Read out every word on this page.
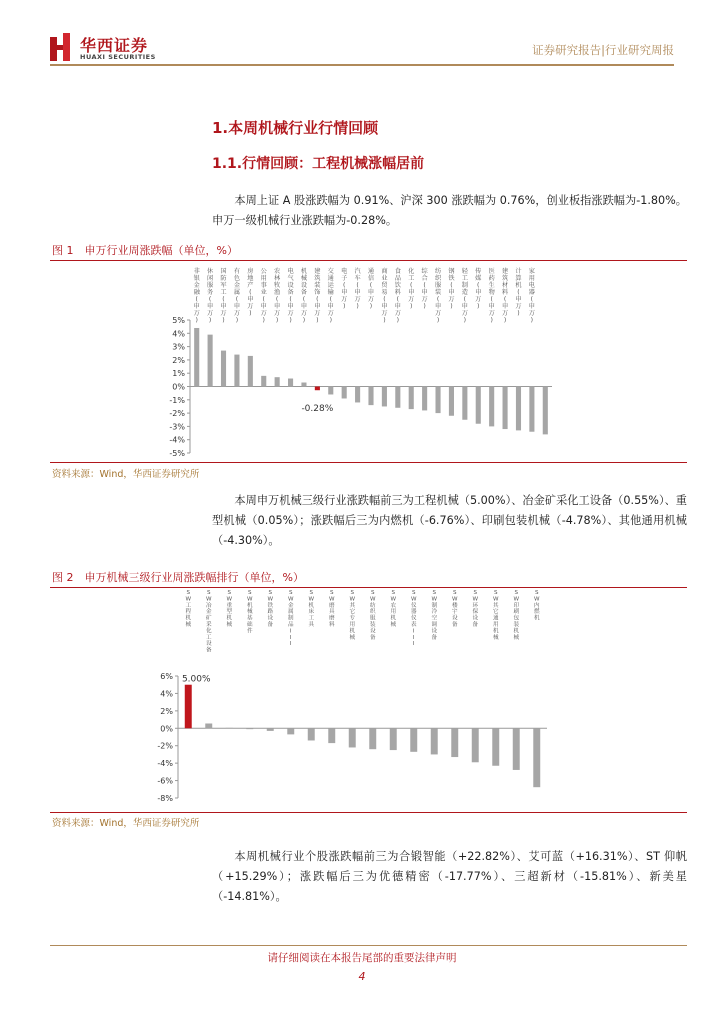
华西证券
HUAXI SECURITIES	证券研究报告|行业研究周报
1.本周机械行业行情回顾
1.1.行情回顾：工程机械涨幅居前
本周上证 A 股涨跌幅为 0.91%、沪深 300 涨跌幅为 0.76%，创业板指涨跌幅为-1.80%。申万一级机械行业涨跌幅为-0.28%。
图 1　申万行业周涨跌幅（单位，%）
5%
4%
3%
2%
1%
0%
-1%
-2%
-3%
-4%
-5%
-0.28%
非银金融(申万)
休闲服务(申万)
国防军工(申万)
有色金属(申万)
房地产(申万)
公用事业(申万)
农林牧渔(申万)
电气设备(申万)
机械设备(申万)
建筑装饰(申万)
交通运输(申万)
电子(申万)
汽车(申万)
通信(申万)
商业贸易(申万)
食品饮料(申万)
化工(申万)
综合(申万)
纺织服装(申万)
钢铁(申万)
轻工制造(申万)
传媒(申万)
医药生物(申万)
建筑材料(申万)
计算机(申万)
家用电器(申万)
资料来源：Wind，华西证券研究所
本周申万机械三级行业涨跌幅前三为工程机械（5.00%）、冶金矿采化工设备（0.55%）、重型机械（0.05%）；涨跌幅后三为内燃机（-6.76%）、印刷包装机械（-4.78%）、其他通用机械（-4.30%）。
图 2　申万机械三级行业周涨跌幅排行（单位，%）
6%
4%
2%
0%
-2%
-4%
-6%
-8%
5.00%
S W 工程机械
S W 冶金矿采化工设备
S W 重型机械
S W 机械基础件
S W 铁路设备
S W 金属制品 I I I
S W 机床工具
S W 磨具磨料
S W 其它专用机械
S W 纺织服装设备
S W 农用机械
S W 仪器仪表 I I I
S W 制冷空调设备
S W 楼宇设备
S W 环保设备
S W 其它通用机械
S W 印刷包装机械
S W 内燃机
资料来源：Wind，华西证券研究所
本周机械行业个股涨跌幅前三为合锻智能（+22.82%）、艾可蓝（+16.31%）、ST 仰帆（+15.29%）；涨跌幅后三为优德精密（-17.77%）、三超新材（-15.81%）、新美星（-14.81%）。
请仔细阅读在本报告尾部的重要法律声明
4
